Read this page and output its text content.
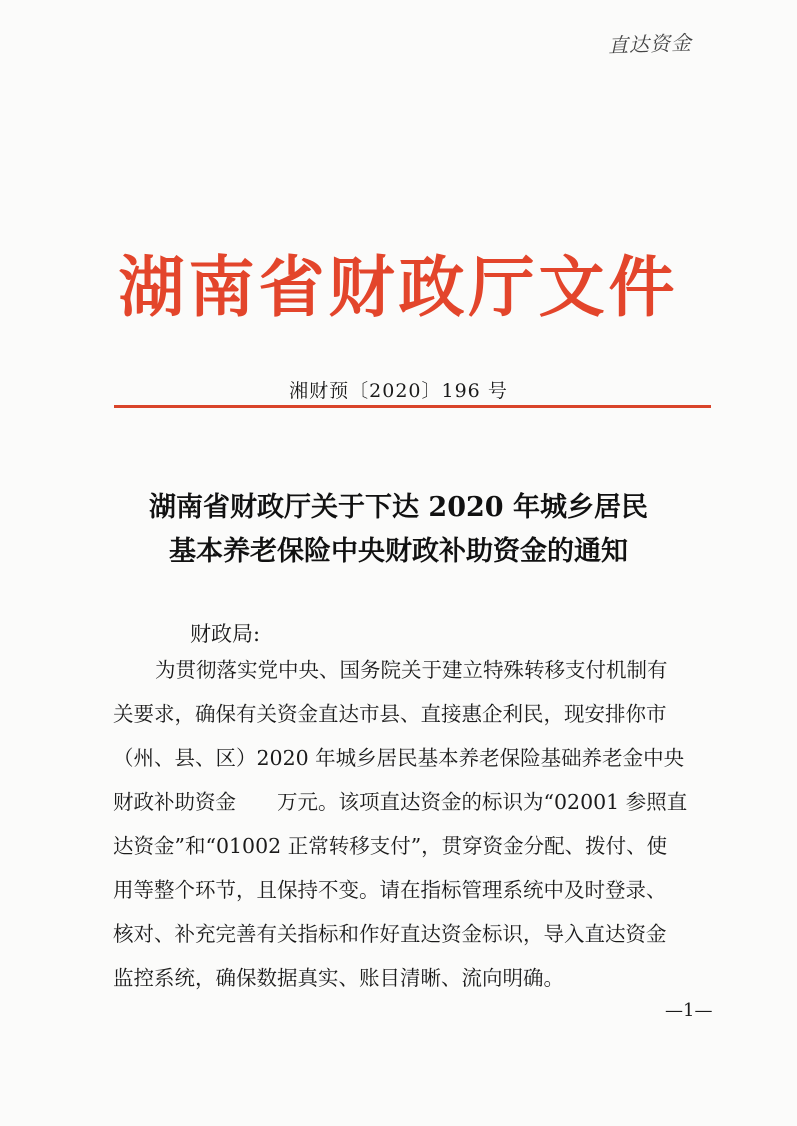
直达资金
湖南省财政厅文件
湘财预〔2020〕196 号
湖南省财政厅关于下达 2020 年城乡居民
基本养老保险中央财政补助资金的通知
财政局:
为贯彻落实党中央、国务院关于建立特殊转移支付机制有
关要求，确保有关资金直达市县、直接惠企利民，现安排你市
（州、县、区）2020 年城乡居民基本养老保险基础养老金中央
财政补助资金　　万元。该项直达资金的标识为“02001 参照直
达资金”和“01002 正常转移支付”，贯穿资金分配、拨付、使
用等整个环节，且保持不变。请在指标管理系统中及时登录、
核对、补充完善有关指标和作好直达资金标识，导入直达资金
监控系统，确保数据真实、账目清晰、流向明确。
—1—
